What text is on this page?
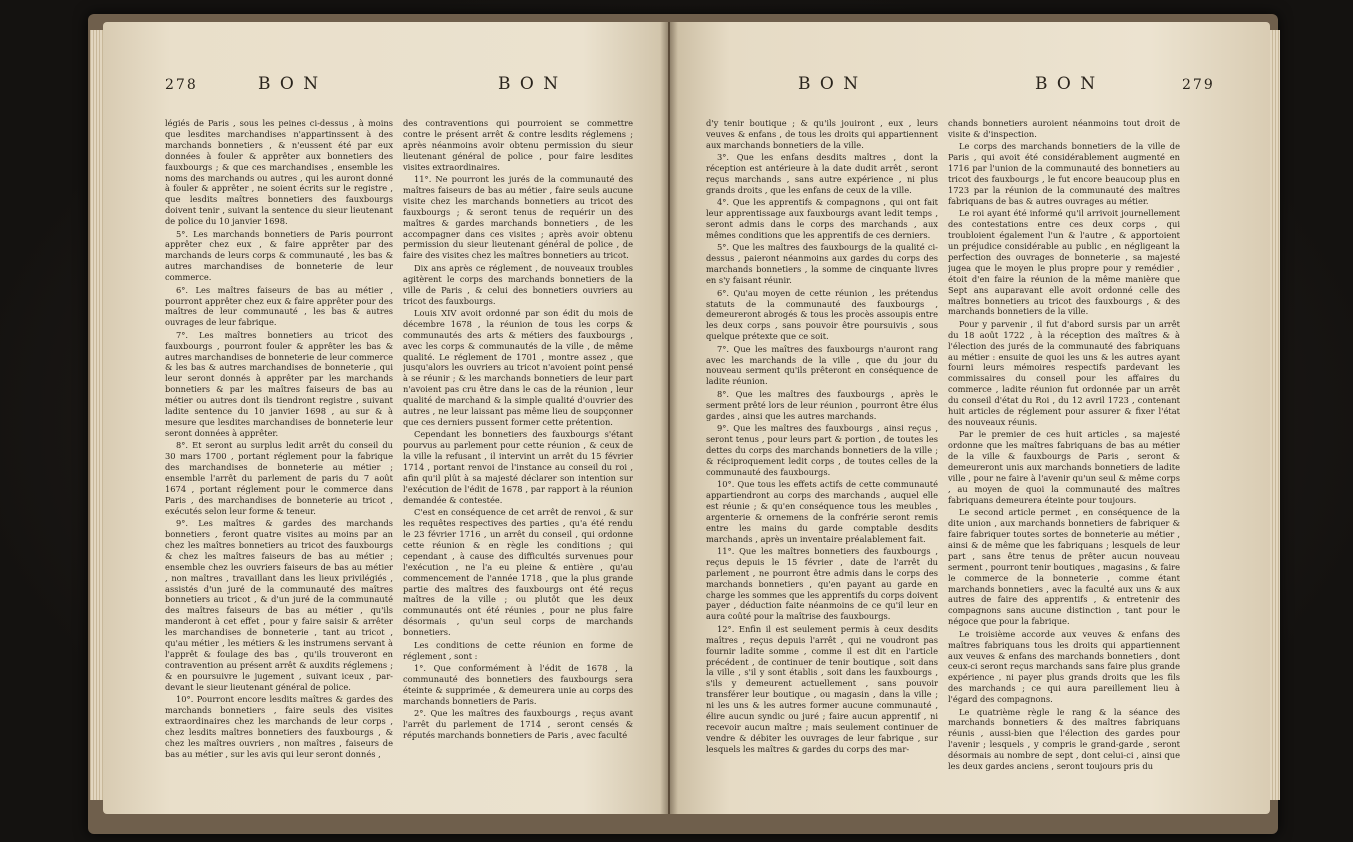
278	B O N	B O N

légiés de Paris , sous les peines ci-dessus , à moins que lesdites marchandises n'appartinssent à des marchands bonnetiers , & n'eussent été par eux données à fouler & apprêter aux bonnetiers des fauxbourgs ; & que ces marchandises , ensemble les noms des marchands ou autres , qui les auront donné à fouler & apprêter , ne soient écrits sur le registre , que lesdits maîtres bonnetiers des fauxbourgs doivent tenir , suivant la sentence du sieur lieutenant de police du 10 janvier 1698.

5°. Les marchands bonnetiers de Paris pourront apprêter chez eux , & faire apprêter par des marchands de leurs corps & communauté , les bas & autres marchandises de bonneterie de leur commerce.

6°. Les maîtres faiseurs de bas au métier , pourront apprêter chez eux & faire apprêter pour des maîtres de leur communauté , les bas & autres ouvrages de leur fabrique.

7°. Les maîtres bonnetiers au tricot des fauxbourgs , pourront fouler & apprêter les bas & autres marchandises de bonneterie de leur commerce & les bas & autres marchandises de bonneterie , qui leur seront donnés à apprêter par les marchands bonnetiers & par les maîtres faiseurs de bas au métier ou autres dont ils tiendront registre , suivant ladite sentence du 10 janvier 1698 , au sur & à mesure que lesdites marchandises de bonneterie leur seront données à apprêter.

8°. Et seront au surplus ledit arrêt du conseil du 30 mars 1700 , portant réglement pour la fabrique des marchandises de bonneterie au métier ; ensemble l'arrêt du parlement de paris du 7 août 1674 , portant réglement pour le commerce dans Paris , des marchandises de bonneterie au tricot , exécutés selon leur forme & teneur.

9°. Les maîtres & gardes des marchands bonnetiers , feront quatre visites au moins par an chez les maîtres bonnetiers au tricot des fauxbourgs & chez les maîtres faiseurs de bas au métier ; ensemble chez les ouvriers faiseurs de bas au métier , non maîtres , travaillant dans les lieux privilégiés , assistés d'un juré de la communauté des maîtres bonnetiers au tricot , & d'un juré de la communauté des maîtres faiseurs de bas au métier , qu'ils manderont à cet effet , pour y faire saisir & arrêter les marchandises de bonneterie , tant au tricot , qu'au métier , les métiers & les instrumens servant à l'apprêt & foulage des bas , qu'ils trouveront en contravention au présent arrêt & auxdits réglemens ; & en poursuivre le jugement , suivant iceux , par-devant le sieur lieutenant général de police.

10°. Pourront encore lesdits maîtres & gardes des marchands bonnetiers , faire seuls des visites extraordinaires chez les marchands de leur corps , chez lesdits maîtres bonnetiers des fauxbourgs , & chez les maîtres ouvriers , non maîtres , faiseurs de bas au métier , sur les avis qui leur seront donnés ,

des contraventions qui pourroient se commettre contre le présent arrêt & contre lesdits réglemens ; après néanmoins avoir obtenu permission du sieur lieutenant général de police , pour faire lesdites visites extraordinaires.

11°. Ne pourront les jurés de la communauté des maîtres faiseurs de bas au métier , faire seuls aucune visite chez les marchands bonnetiers au tricot des fauxbourgs ; & seront tenus de requérir un des maîtres & gardes marchands bonnetiers , de les accompagner dans ces visites ; après avoir obtenu permission du sieur lieutenant général de police , de faire des visites chez les maîtres bonnetiers au tricot.

Dix ans après ce réglement , de nouveaux troubles agitèrent le corps des marchands bonnetiers de la ville de Paris , & celui des bonnetiers ouvriers au tricot des fauxbourgs.

Louis XIV avoit ordonné par son édit du mois de décembre 1678 , la réunion de tous les corps & communautés des arts & métiers des fauxbourgs , avec les corps & communautés de la ville , de même qualité. Le réglement de 1701 , montre assez , que jusqu'alors les ouvriers au tricot n'avoient point pensé à se réunir ; & les marchands bonnetiers de leur part n'avoient pas cru être dans le cas de la réunion , leur qualité de marchand & la simple qualité d'ouvrier des autres , ne leur laissant pas même lieu de soupçonner que ces derniers pussent former cette prétention.

Cependant les bonnetiers des fauxbourgs s'étant pourvus au parlement pour cette réunion , & ceux de la ville la refusant , il intervint un arrêt du 15 février 1714 , portant renvoi de l'instance au conseil du roi , afin qu'il plût à sa majesté déclarer son intention sur l'exécution de l'édit de 1678 , par rapport à la réunion demandée & contestée.

C'est en conséquence de cet arrêt de renvoi , & sur les requêtes respectives des parties , qu'a été rendu le 23 février 1716 , un arrêt du conseil , qui ordonne cette réunion & en règle les conditions ; qui cependant , à cause des difficultés survenues pour l'exécution , ne l'a eu pleine & entière , qu'au commencement de l'année 1718 , que la plus grande partie des maîtres des fauxbourgs ont été reçus maîtres de la ville ; ou plutôt que les deux communautés ont été réunies , pour ne plus faire désormais , qu'un seul corps de marchands bonnetiers.

Les conditions de cette réunion en forme de réglement , sont :

1°. Que conformément à l'édit de 1678 , la communauté des bonnetiers des fauxbourgs sera éteinte & supprimée , & demeurera unie au corps des marchands bonnetiers de Paris.

2°. Que les maîtres des fauxbourgs , reçus avant l'arrêt du parlement de 1714 , seront censés & réputés marchands bonnetiers de Paris , avec faculté

B O N	B O N	279

d'y tenir boutique ; & qu'ils jouiront , eux , leurs veuves & enfans , de tous les droits qui appartiennent aux marchands bonnetiers de la ville.

3°. Que les enfans desdits maîtres , dont la réception est antérieure à la date dudit arrêt , seront reçus marchands , sans autre expérience , ni plus grands droits , que les enfans de ceux de la ville.

4°. Que les apprentifs & compagnons , qui ont fait leur apprentissage aux fauxbourgs avant ledit temps , seront admis dans le corps des marchands , aux mêmes conditions que les apprentifs de ces derniers.

5°. Que les maîtres des fauxbourgs de la qualité ci-dessus , paieront néanmoins aux gardes du corps des marchands bonnetiers , la somme de cinquante livres en s'y faisant réunir.

6°. Qu'au moyen de cette réunion , les prétendus statuts de la communauté des fauxbourgs , demeureront abrogés & tous les procès assoupis entre les deux corps , sans pouvoir être poursuivis , sous quelque prétexte que ce soit.

7°. Que les maîtres des fauxbourgs n'auront rang avec les marchands de la ville , que du jour du nouveau serment qu'ils prêteront en conséquence de ladite réunion.

8°. Que les maîtres des fauxbourgs , après le serment prêté lors de leur réunion , pourront être élus gardes , ainsi que les autres marchands.

9°. Que les maîtres des fauxbourgs , ainsi reçus , seront tenus , pour leurs part & portion , de toutes les dettes du corps des marchands bonnetiers de la ville ; & réciproquement ledit corps , de toutes celles de la communauté des fauxbourgs.

10°. Que tous les effets actifs de cette communauté appartiendront au corps des marchands , auquel elle est réunie ; & qu'en conséquence tous les meubles , argenterie & ornemens de la confrérie seront remis entre les mains du garde comptable desdits marchands , après un inventaire préalablement fait.

11°. Que les maîtres bonnetiers des fauxbourgs , reçus depuis le 15 février , date de l'arrêt du parlement , ne pourront être admis dans le corps des marchands bonnetiers , qu'en payant au garde en charge les sommes que les apprentifs du corps doivent payer , déduction faite néanmoins de ce qu'il leur en aura coûté pour la maîtrise des fauxbourgs.

12°. Enfin il est seulement permis à ceux desdits maîtres , reçus depuis l'arrêt , qui ne voudront pas fournir ladite somme , comme il est dit en l'article précédent , de continuer de tenir boutique , soit dans la ville , s'il y sont établis , soit dans les fauxbourgs , s'ils y demeurent actuellement , sans pouvoir transférer leur boutique , ou magasin , dans la ville ; ni les uns & les autres former aucune communauté , élire aucun syndic ou juré ; faire aucun apprentif , ni recevoir aucun maître ; mais seulement continuer de vendre & débiter les ouvrages de leur fabrique , sur lesquels les maîtres & gardes du corps des mar-

chands bonnetiers auroient néanmoins tout droit de visite & d'inspection.

Le corps des marchands bonnetiers de la ville de Paris , qui avoit été considérablement augmenté en 1716 par l'union de la communauté des bonnetiers au tricot des fauxbourgs , le fut encore beaucoup plus en 1723 par la réunion de la communauté des maîtres fabriquans de bas & autres ouvrages au métier.

Le roi ayant été informé qu'il arrivoit journellement des contestations entre ces deux corps , qui troubloient également l'un & l'autre , & apportoient un préjudice considérable au public , en négligeant la perfection des ouvrages de bonneterie , sa majesté jugea que le moyen le plus propre pour y remédier , étoit d'en faire la réunion de la même manière que Sept ans auparavant elle avoit ordonné celle des maîtres bonnetiers au tricot des fauxbourgs , & des marchands bonnetiers de la ville.

Pour y parvenir , il fut d'abord sursis par un arrêt du 18 août 1722 , à la réception des maîtres & à l'élection des jurés de la communauté des fabriquans au métier : ensuite de quoi les uns & les autres ayant fourni leurs mémoires respectifs pardevant les commissaires du conseil pour les affaires du commerce , ladite réunion fut ordonnée par un arrêt du conseil d'état du Roi , du 12 avril 1723 , contenant huit articles de réglement pour assurer & fixer l'état des nouveaux réunis.

Par le premier de ces huit articles , sa majesté ordonne que les maîtres fabriquans de bas au métier de la ville & fauxbourgs de Paris , seront & demeureront unis aux marchands bonnetiers de ladite ville , pour ne faire à l'avenir qu'un seul & même corps , au moyen de quoi la communauté des maîtres fabriquans demeurera éteinte pour toujours.

Le second article permet , en conséquence de la dite union , aux marchands bonnetiers de fabriquer & faire fabriquer toutes sortes de bonneterie au métier , ainsi & de même que les fabriquans ; lesquels de leur part , sans être tenus de prêter aucun nouveau serment , pourront tenir boutiques , magasins , & faire le commerce de la bonneterie , comme étant marchands bonnetiers , avec la faculté aux uns & aux autres de faire des apprentifs , & entretenir des compagnons sans aucune distinction , tant pour le négoce que pour la fabrique.

Le troisième accorde aux veuves & enfans des maîtres fabriquans tous les droits qui appartiennent aux veuves & enfans des marchands bonnetiers , dont ceux-ci seront reçus marchands sans faire plus grande expérience , ni payer plus grands droits que les fils des marchands ; ce qui aura pareillement lieu à l'égard des compagnons.

Le quatrième règle le rang & la séance des marchands bonnetiers & des maîtres fabriquans réunis , aussi-bien que l'élection des gardes pour l'avenir ; lesquels , y compris le grand-garde , seront désormais au nombre de sept , dont celui-ci , ainsi que les deux gardes anciens , seront toujours pris du
